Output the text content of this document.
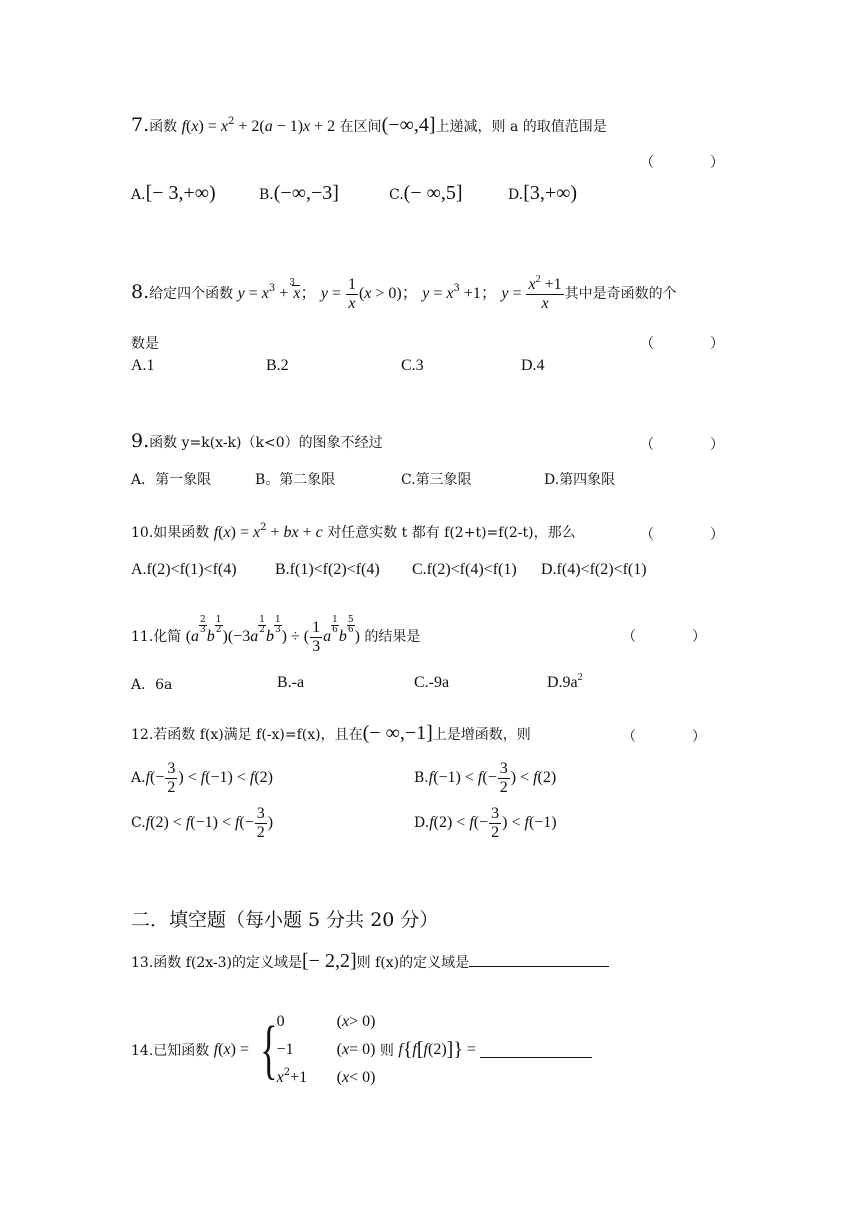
7.函数 $f(x) = x^2 + 2(a - 1)x + 2$ 在区间(−∞,4]上递减，则 a 的取值范围是
（　　　　）
A.[− 3,+∞)	B.(−∞,−3]	C.(− ∞,5]	D.[3,+∞)
8.给定四个函数 $y = x^3$ +
3
x； $y = \frac{1}{x} (x > 0)$； $y = x^3 +1$； $y = \frac{x^2 +1}{x}$ 其中是奇函数的个
数是	（　　　　）
A.1	B.2	C.3	D.4
9.函数 y=k(x-k)（k<0）的图象不经过	（　　　　）
A．第一象限	B。第二象限	C.第三象限	D.第四象限
10.如果函数 $f(x) = x^2$ + bx + c 对任意实数 t 都有 f(2+t)=f(2-t)，那么	（　　　　）
A.f(2)<f(1)<f(4) B.f(1)<f(2)<f(4) C.f(2)<f(4)<f(1) D.f(4)<f(2)<f(1)
11.化简 (a
$\frac{2}{3}$
b
$\frac{1}{2}$
)(−3a
$\frac{1}{2}$
b
$\frac{1}{3}$
) ÷ ( $\frac{1}{3}$ a
$\frac{1}{6}$
b
$\frac{5}{6}$
) 的结果是	（　　　　）
A．6a	B.-a	C.-9a	$D.9a^2$
12.若函数 f(x)满足 f(-x)=f(x)，且在(− ∞,−1]上是增函数，则	（　　　　）
$A.f(- \frac{3}{2}$ ) < f(−1) < f(2)	$B.f(-1) < f(- \frac{3}{2}$ ) < f(2)
$C.f(2) < f(-1) < f(- \frac{3}{2}$ )	$D.f(2) < f(- \frac{3}{2}$ ) < f(−1)
二．填空题（每小题 5 分共 20 分）
13.函数 f(2x-3)的定义域是[− 2,2]则 f(x)的定义域是
14.已知函数 f(x) = { 0	(x> 0)
−1	(x= 0)
$x^2+1$ (x< 0)
则 f{f[f(2)]} =
